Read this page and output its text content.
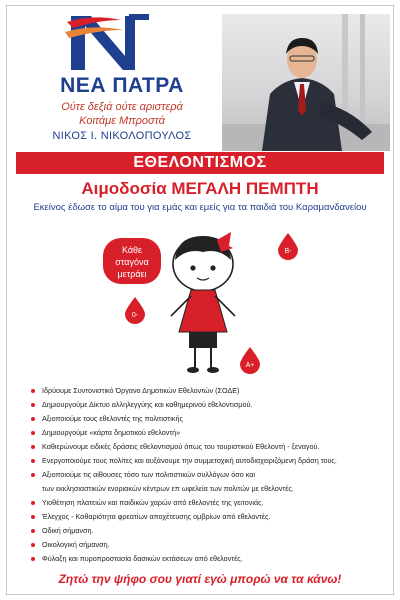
ΝΕΑ ΠΑΤΡΑ
Ούτε δεξιά ούτε αριστερά
Κοιτάμε Μπροστά
ΝΙΚΟΣ Ι. ΝΙΚΟΛΟΠΟΥΛΟΣ
ΕΘΕΛΟΝΤΙΣΜΟΣ
Αιμοδοσία ΜΕΓΑΛΗ ΠΕΜΠΤΗ
Εκείνος έδωσε το αίμα του για εμάς και εμείς για τα παιδιά του Καραμανδανείου
Κάθε
σταγόνα
μετράει
0-
B-
A+
Ιδρύουμε Συντονιστικό Όργανο Δημοτικών Εθελοντών (ΣΟΔΕ)
Δημιουργούμε Δίκτυο αλληλεγγύης και καθημερινού εθελοντισμού.
Αξιοποιούμε τους εθελοντές της πολιτιστικής
Δημιουργούμε «κάρτα δημοτικού εθελοντή»
Καθιερώνουμε ειδικές δράσεις εθελοντισμού όπως του τουριστικού Εθελοντή - ξεναγού.
Ενεργοποιούμε τους πολίτες και αυξάνουμε την συμμετοχική αυτοδιαχειριζόμενη δράση τους.
Αξιοποιούμε τις αίθουσες τόσο των πολιτιστικών συλλόγων όσο και
των εκκλησιαστικών ενοριακών κέντρων επ ωφελεία των πολιτών με εθελοντές.
Υιοθέτηση πλατειών και παιδικών χαρών από εθελοντές της γειτονιάς.
Έλεγχος - Καθαριότητα φρεατίων αποχέτευσης ομβρίων από εθελοντές.
Οδική σήμανση.
Οικολογική σήμανση.
Φύλαξη και πυροπροστασία δασικών εκτάσεων από εθελοντές.
Ζητώ την ψήφο σου γιατί εγώ μπορώ να τα κάνω!
